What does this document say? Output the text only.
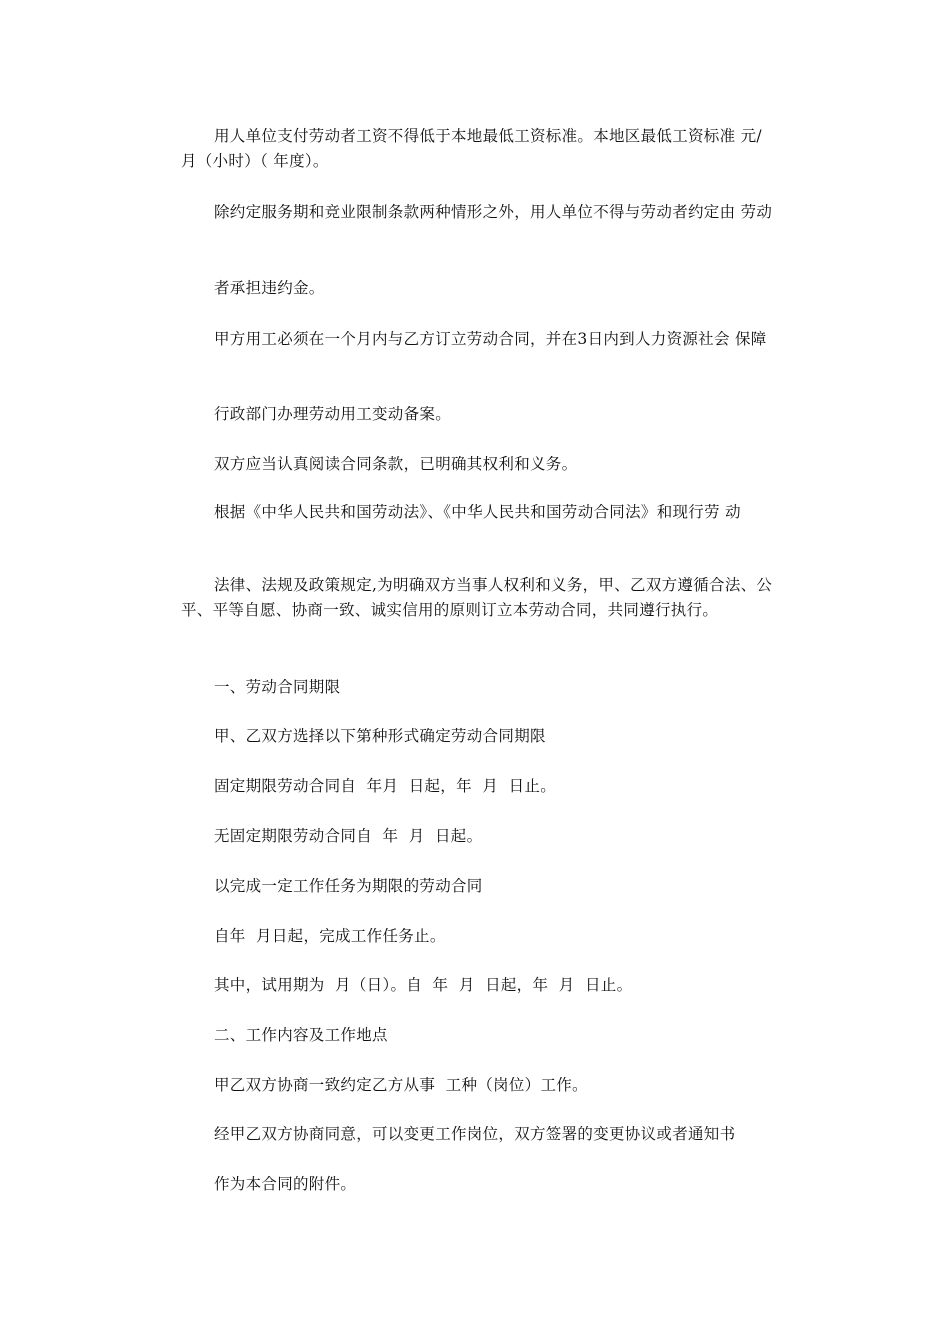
用人单位支付劳动者工资不得低于本地最低工资标准。本地区最低工资标准 元/月（小时）（ 年度）。
除约定服务期和竞业限制条款两种情形之外，用人单位不得与劳动者约定由 劳动
者承担违约金。
甲方用工必须在一个月内与乙方订立劳动合同，并在3日内到人力资源社会 保障
行政部门办理劳动用工变动备案。
双方应当认真阅读合同条款，已明确其权利和义务。
根据《中华人民共和国劳动法》、《中华人民共和国劳动合同法》和现行劳 动
法律、法规及政策规定,为明确双方当事人权利和义务，甲、乙双方遵循合法、公平、平等自愿、协商一致、诚实信用的原则订立本劳动合同，共同遵行执行。
一、劳动合同期限
甲、乙双方选择以下第种形式确定劳动合同期限
固定期限劳动合同自  年月  日起，年  月  日止。
无固定期限劳动合同自  年  月  日起。
以完成一定工作任务为期限的劳动合同
自年  月日起，完成工作任务止。
其中，试用期为  月（日）。自  年  月  日起，年  月  日止。
二、工作内容及工作地点
甲乙双方协商一致约定乙方从事  工种（岗位）工作。
经甲乙双方协商同意，可以变更工作岗位，双方签署的变更协议或者通知书
作为本合同的附件。
